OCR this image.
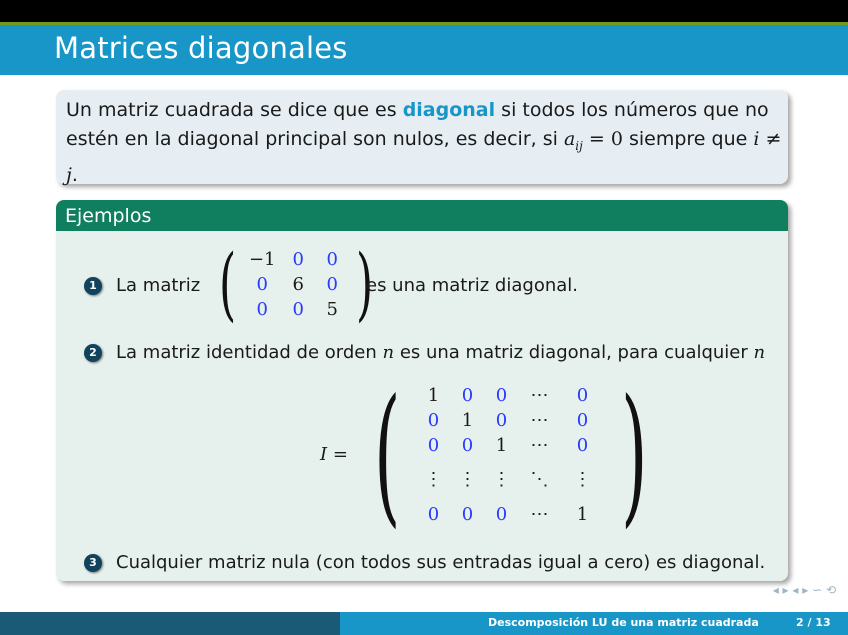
Matrices diagonales
Un matriz cuadrada se dice que es diagonal si todos los números que no estén en la diagonal principal son nulos, es decir, si $a_{ij} = 0$ siempre que i ≠ j.
Ejemplos
1 La matriz ( −1 0	0
0	6	0
0	0	5 )
es una matriz diagonal.
2 La matriz identidad de orden n es una matriz diagonal, para cualquier n
I = (	1	0	0	⋯	0
0	1	0	⋯	0
0	0	1	⋯	0
⋮ ⋮ ⋮	⋱	⋮
0	0	0	⋯	1 )
3 Cualquier matriz nula (con todos sus entradas igual a cero) es diagonal.
◂ ▸ ◂ ▸ ∽ ⟲
Descomposición LU de una matriz cuadrada	2 / 13
